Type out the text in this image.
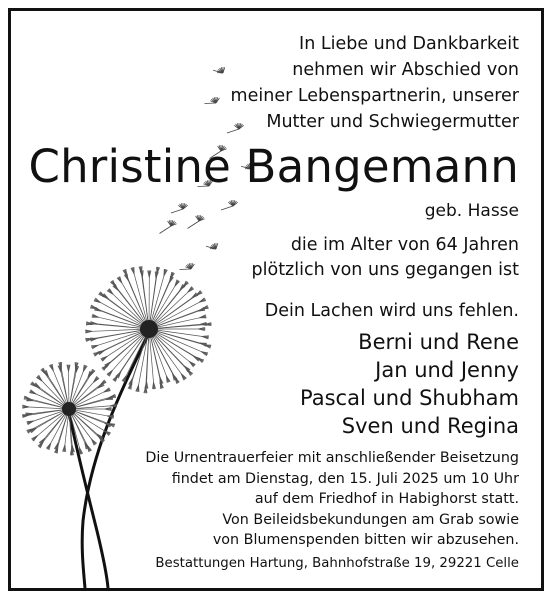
In Liebe und Dankbarkeit
nehmen wir Abschied von
meiner Lebenspartnerin, unserer
Mutter und Schwiegermutter
Christine Bangemann
geb. Hasse
die im Alter von 64 Jahren
plötzlich von uns gegangen ist
Dein Lachen wird uns fehlen.
Berni und Rene
Jan und Jenny
Pascal und Shubham
Sven und Regina
Die Urnentrauerfeier mit anschließender Beisetzung
findet am Dienstag, den 15. Juli 2025 um 10 Uhr
auf dem Friedhof in Habighorst statt.
Von Beileidsbekundungen am Grab sowie
von Blumenspenden bitten wir abzusehen.
Bestattungen Hartung, Bahnhofstraße 19, 29221 Celle
